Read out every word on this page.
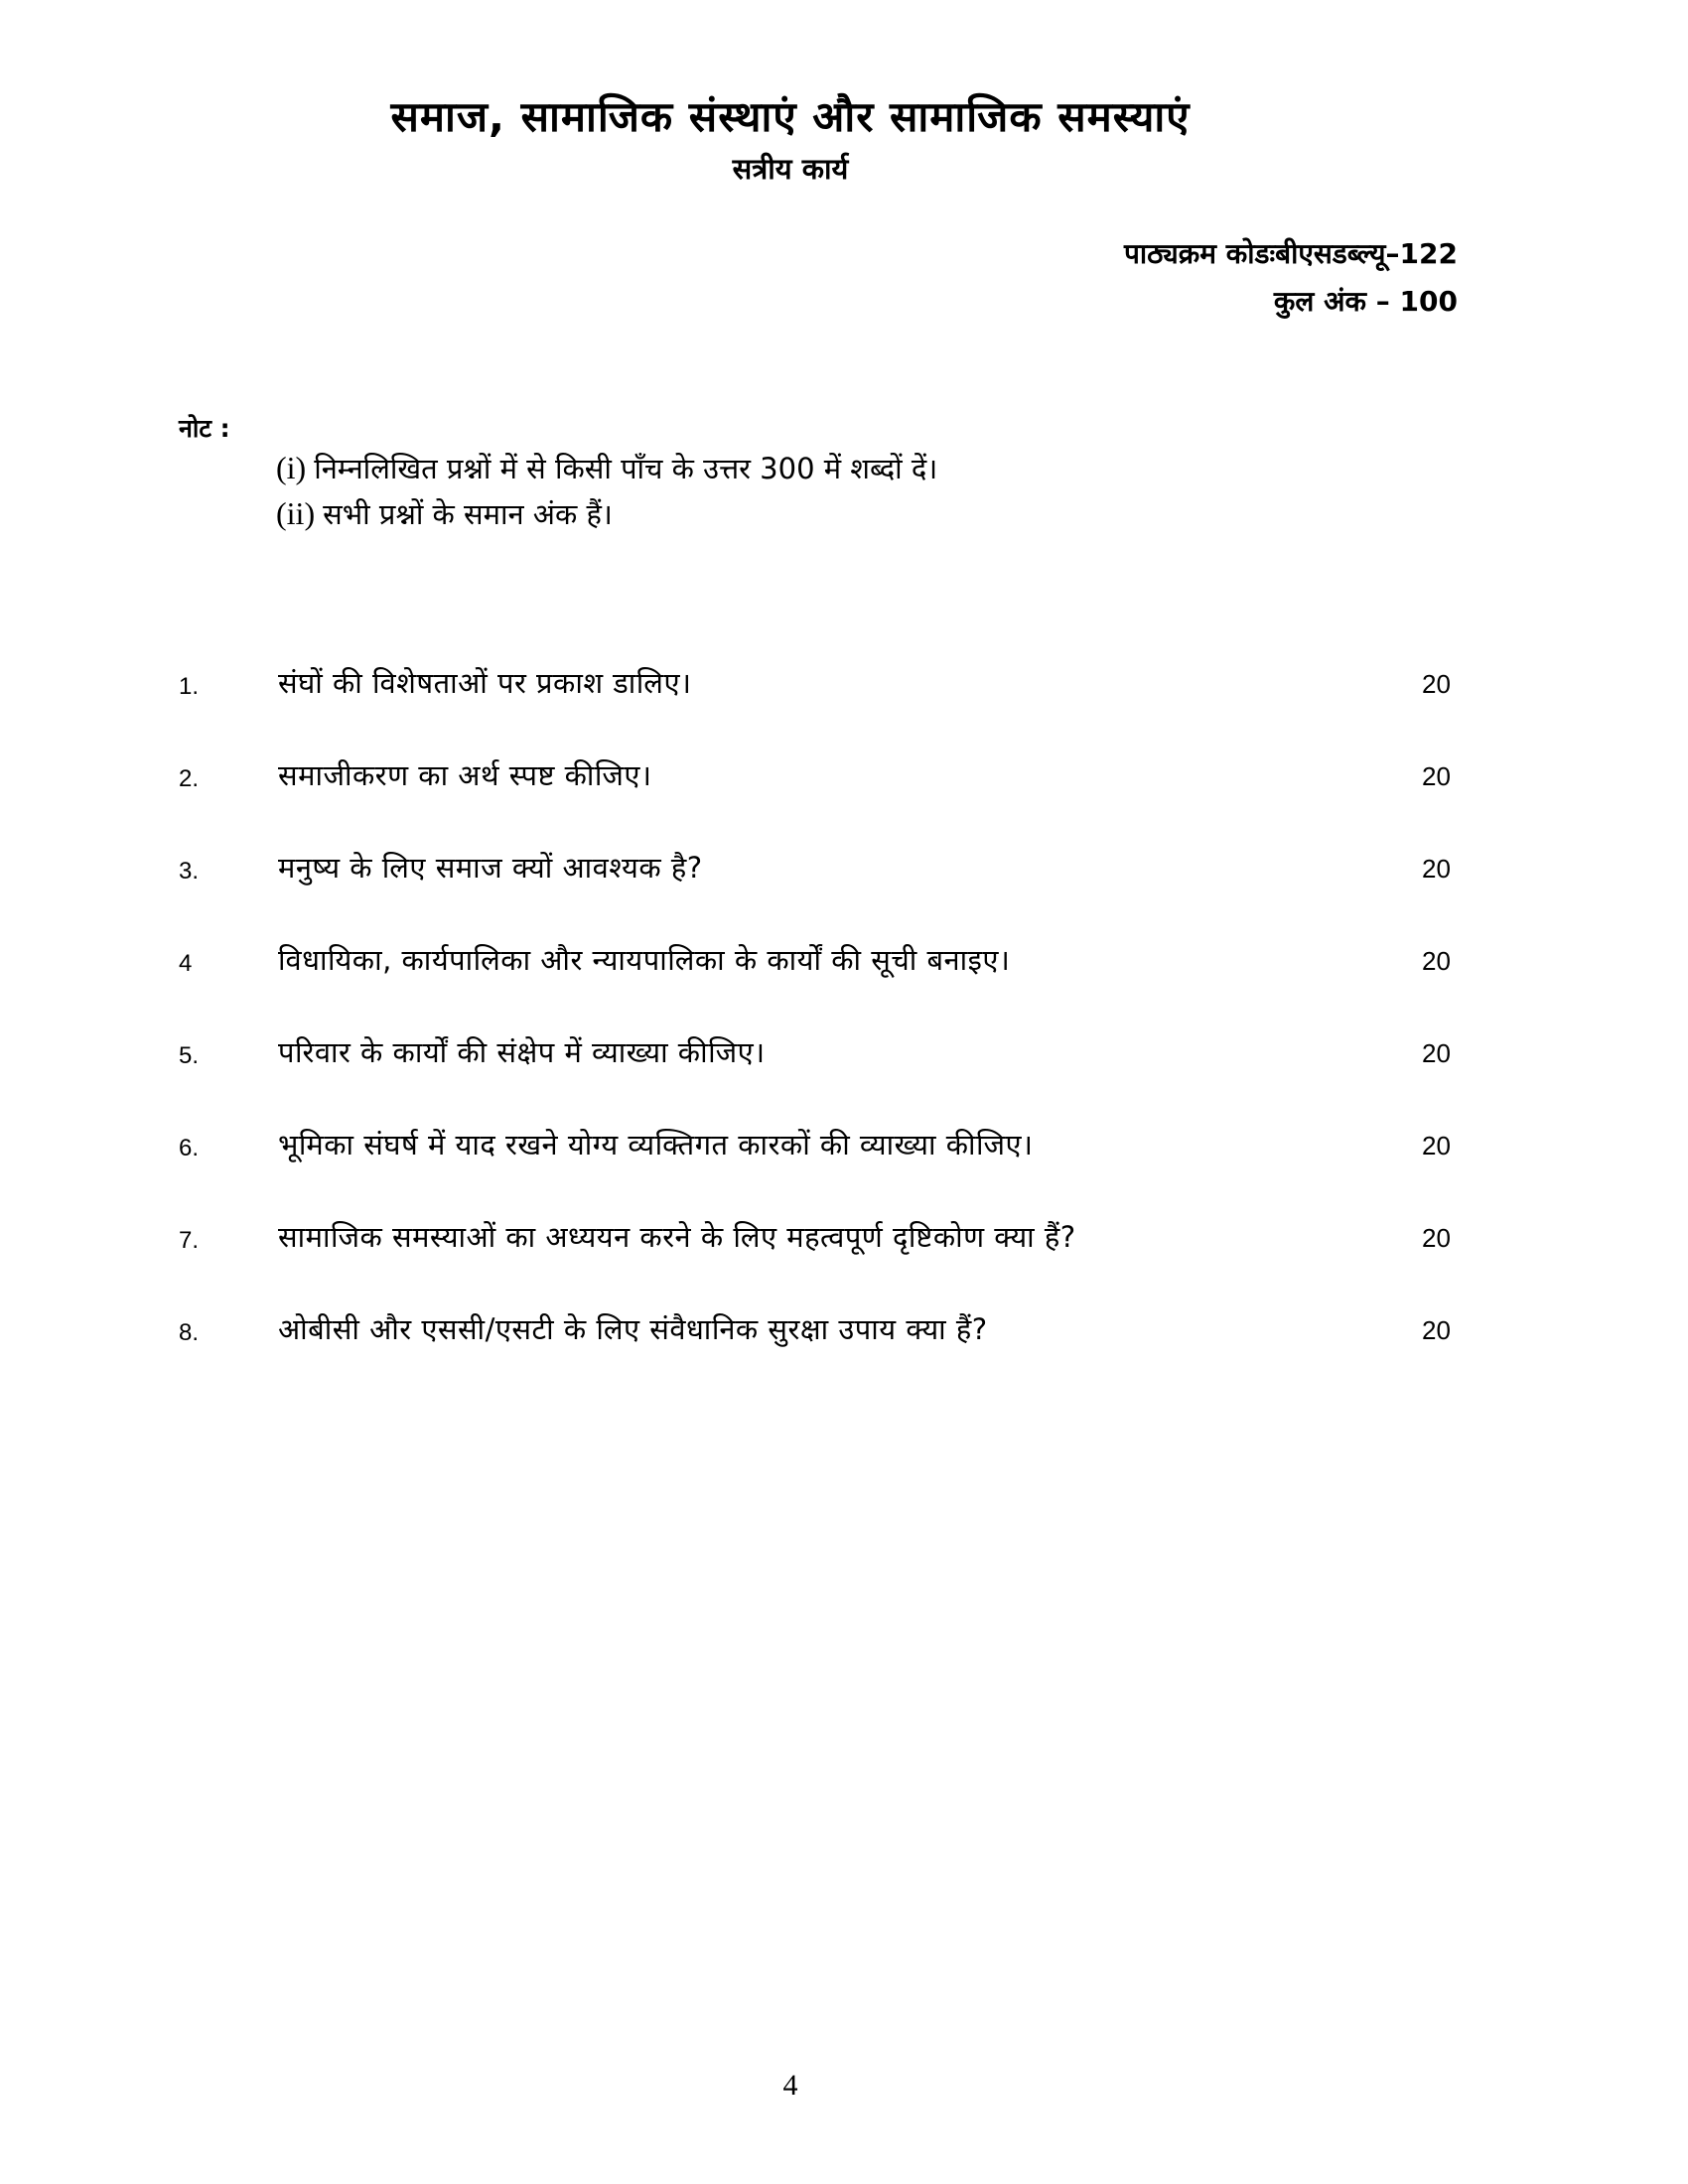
समाज, सामाजिक संस्थाएं और सामाजिक समस्याएं
सत्रीय कार्य
पाठ्यक्रम कोडःबीएसडब्ल्यू–122
कुल अंक – 100
नोट :
(i) निम्नलिखित प्रश्नों में से किसी पाँच के उत्तर 300 में शब्दों दें।
(ii) सभी प्रश्नों के समान अंक हैं।
1.	संघों की विशेषताओं पर प्रकाश डालिए।	20
2.	समाजीकरण का अर्थ स्पष्ट कीजिए।	20
3.	मनुष्य के लिए समाज क्यों आवश्यक है?	20
4	विधायिका, कार्यपालिका और न्यायपालिका के कार्यों की सूची बनाइए।	20
5.	परिवार के कार्यों की संक्षेप में व्याख्या कीजिए।	20
6.	भूमिका संघर्ष में याद रखने योग्य व्यक्तिगत कारकों की व्याख्या कीजिए।	20
7.	सामाजिक समस्याओं का अध्ययन करने के लिए महत्वपूर्ण दृष्टिकोण क्या हैं?	20
8.	ओबीसी और एससी/एसटी के लिए संवैधानिक सुरक्षा उपाय क्या हैं?	20
4
